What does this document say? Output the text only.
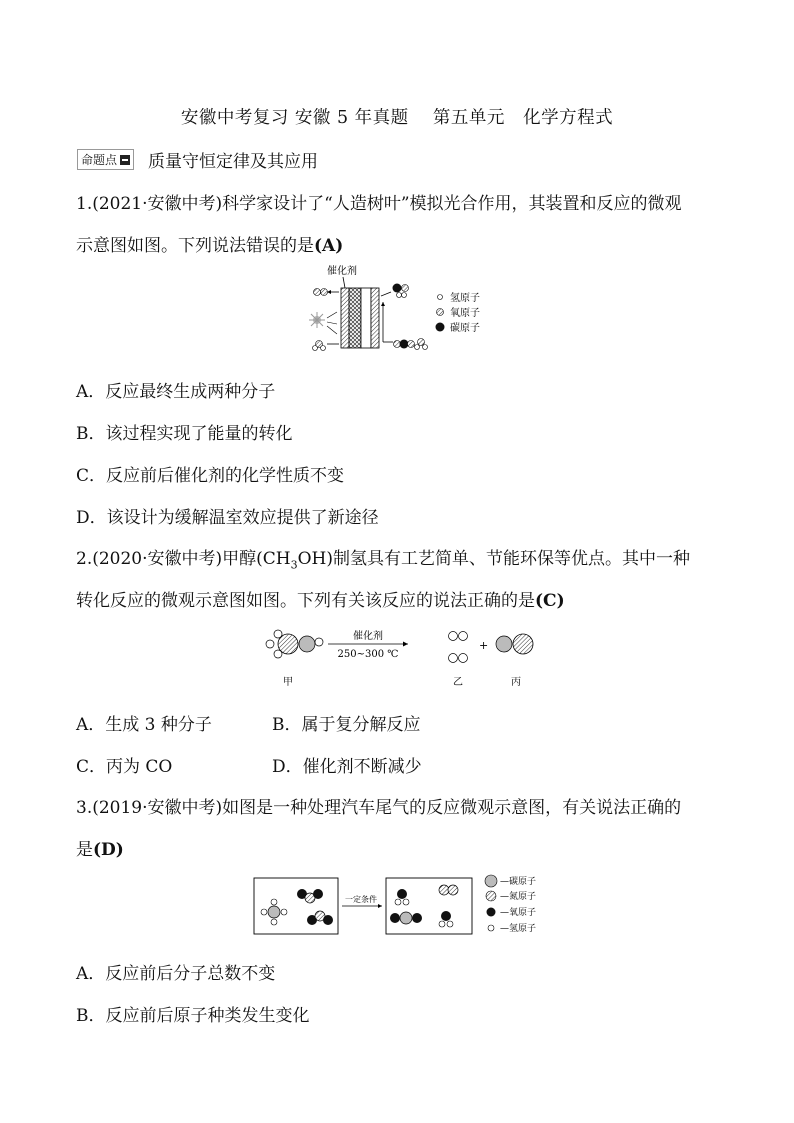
安徽中考复习 安徽 5 年真题    第五单元   化学方程式
命题点 质量守恒定律及其应用
1.(2021·安徽中考)科学家设计了“人造树叶”模拟光合作用，其装置和反应的微观
示意图如图。下列说法错误的是(A)
催化剂
氢原子
氧原子
碳原子
A．反应最终生成两种分子
B．该过程实现了能量的转化
C．反应前后催化剂的化学性质不变
D．该设计为缓解温室效应提供了新途径
2.(2020·安徽中考)甲醇$(CH_3OH)$制氢具有工艺简单、节能环保等优点。其中一种
转化反应的微观示意图如图。下列有关该反应的说法正确的是(C)
甲
催化剂
250~300 ℃
乙
+
丙
A．生成 3 种分子	B．属于复分解反应
C．丙为 CO	D．催化剂不断减少
3.(2019·安徽中考)如图是一种处理汽车尾气的反应微观示意图，有关说法正确的
是(D)
一定条件
—碳原子
—氮原子
—氧原子
—氢原子
A．反应前后分子总数不变
B．反应前后原子种类发生变化
